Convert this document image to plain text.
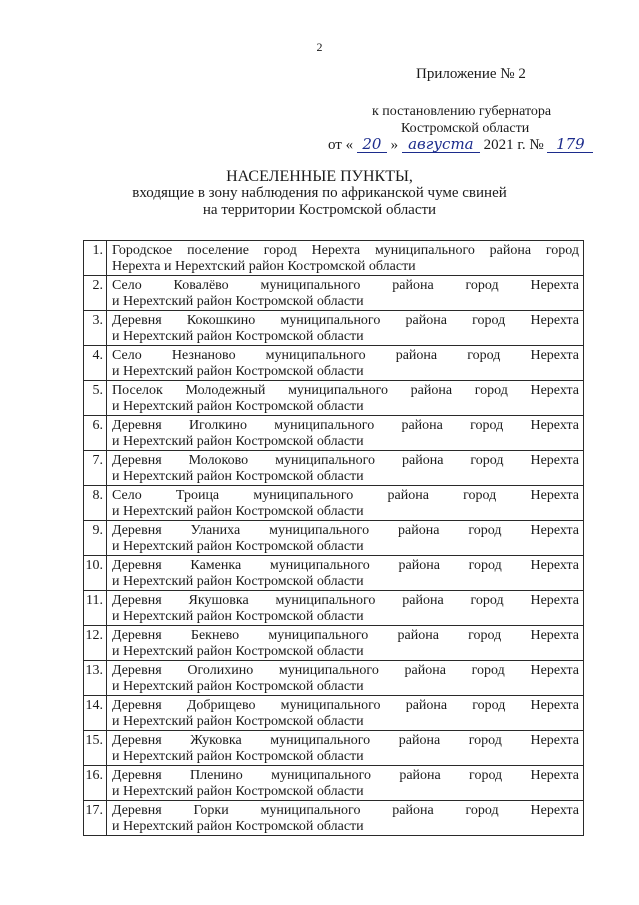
2
Приложение № 2
к постановлению губернатора
Костромской области
от « 20 » августа 2021 г. № 179
НАСЕЛЕННЫЕ ПУНКТЫ,
входящие в зону наблюдения по африканской чуме свиней
на территории Костромской области
1.	Городское поселение город Нерехта муниципального района город
Нерехта и Нерехтский район Костромской области

2.	Село Ковалёво муниципального района город Нерехта
и Нерехтский район Костромской области

3.	Деревня Кокошкино муниципального района город Нерехта
и Нерехтский район Костромской области

4.	Село Незнаново муниципального района город Нерехта
и Нерехтский район Костромской области

5.	Поселок Молодежный муниципального района город Нерехта
и Нерехтский район Костромской области

6.	Деревня Иголкино муниципального района город Нерехта
и Нерехтский район Костромской области

7.	Деревня Молоково муниципального района город Нерехта
и Нерехтский район Костромской области

8.	Село Троица муниципального района город Нерехта
и Нерехтский район Костромской области

9.	Деревня Уланиха муниципального района город Нерехта
и Нерехтский район Костромской области

10.	Деревня Каменка муниципального района город Нерехта
и Нерехтский район Костромской области

11.	Деревня Якушовка муниципального района город Нерехта
и Нерехтский район Костромской области

12.	Деревня Бекнево муниципального района город Нерехта
и Нерехтский район Костромской области

13.	Деревня Оголихино муниципального района город Нерехта
и Нерехтский район Костромской области

14.	Деревня Добрищево муниципального района город Нерехта
и Нерехтский район Костромской области

15.	Деревня Жуковка муниципального района город Нерехта
и Нерехтский район Костромской области

16.	Деревня Пленино муниципального района город Нерехта
и Нерехтский район Костромской области

17.	Деревня Горки муниципального района город Нерехта
и Нерехтский район Костромской области
